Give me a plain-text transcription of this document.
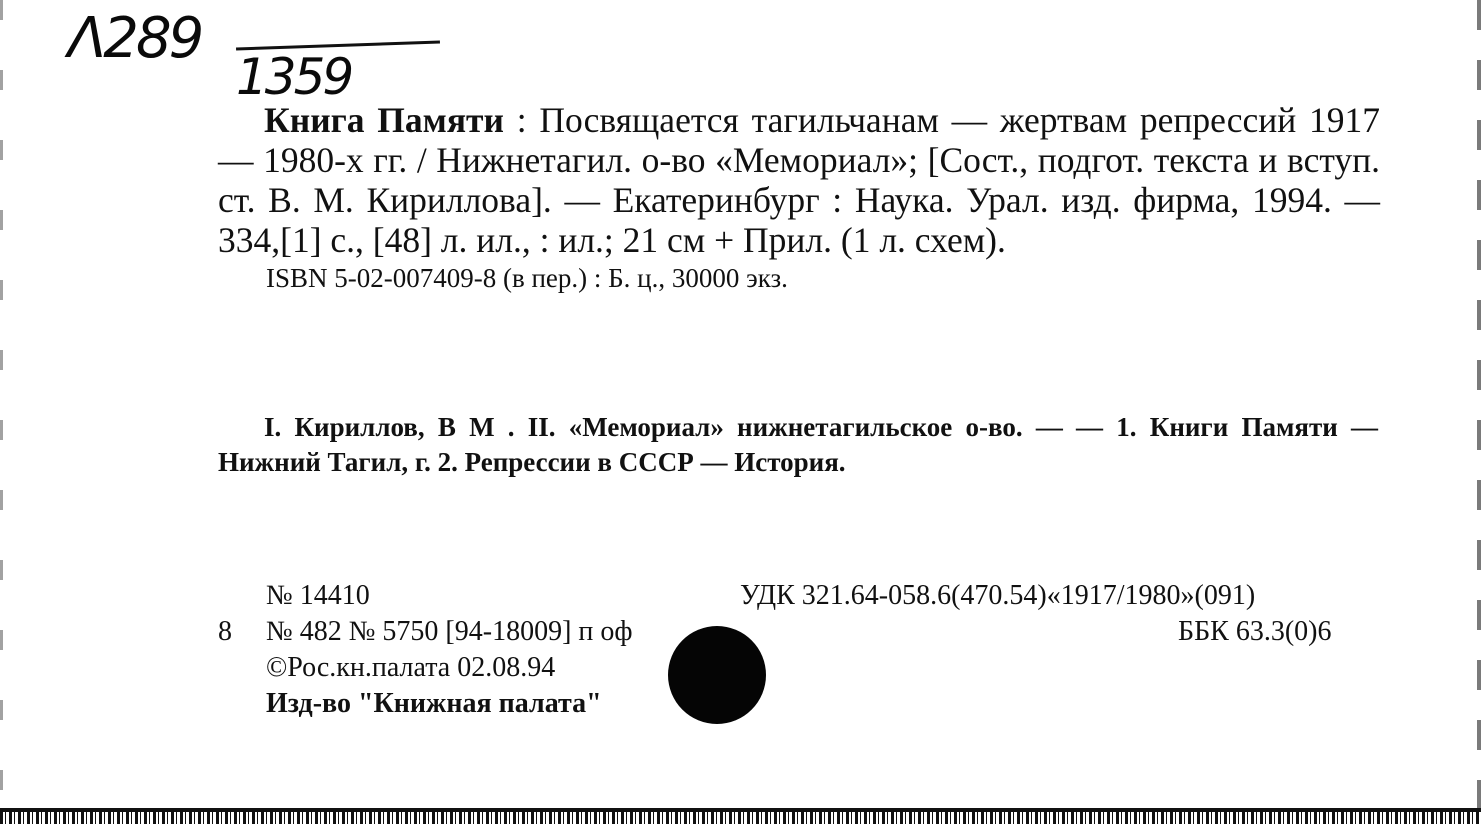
Λ289
1359

Книга Памяти : Посвящается тагильчанам — жертвам репрессий 1917 — 1980-х гг. / Нижнетагил. о-во «Мемориал»; [Сост., подгот. текста и вступ. ст. В. М. Кириллова]. — Екатеринбург : Наука. Урал. изд. фирма, 1994. — 334,[1] с., [48] л. ил., : ил.; 21 см + Прил. (1 л. схем).

ISBN 5-02-007409-8 (в пер.) : Б. ц., 30000 экз.

I. Кириллов, В М . II. «Мемориал» нижнетагильское о-во. — — 1. Книги Памяти — Нижний Тагил, г. 2. Репрессии в СССР — История.
№ 14410
8 № 482 № 5750 [94-18009] п оф
©Рос.кн.палата 02.08.94
Изд-во "Книжная палата"
УДК 321.64-058.6(470.54)«1917/1980»(091)
ББК 63.3(0)6
